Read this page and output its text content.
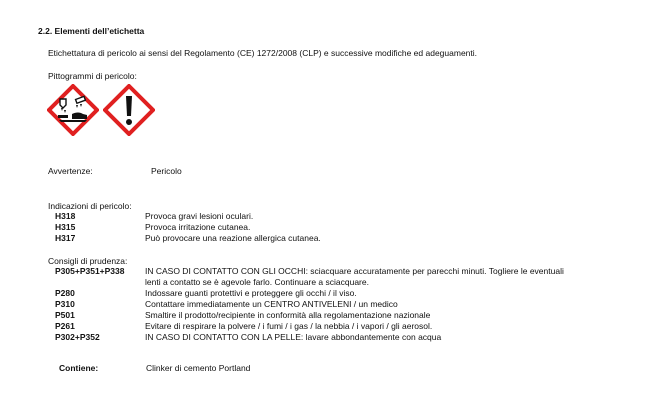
2.2. Elementi dell’etichetta
Etichettatura di pericolo ai sensi del Regolamento (CE) 1272/2008 (CLP) e successive modifiche ed adeguamenti.
Pittogrammi di pericolo:

Avvertenze:	Pericolo
Indicazioni di pericolo:
H318	Provoca gravi lesioni oculari.
H315	Provoca irritazione cutanea.
H317	Può provocare una reazione allergica cutanea.
Consigli di prudenza:
P305+P351+P338 IN CASO DI CONTATTO CON GLI OCCHI: sciacquare accuratamente per parecchi minuti. Togliere le eventuali
lenti a contatto se è agevole farlo. Continuare a sciacquare.
P280	Indossare guanti protettivi e proteggere gli occhi / il viso.
P310	Contattare immediatamente un CENTRO ANTIVELENI / un medico
P501	Smaltire il prodotto/recipiente in conformità alla regolamentazione nazionale
P261	Evitare di respirare la polvere / i fumi / i gas / la nebbia / i vapori / gli aerosol.
P302+P352	IN CASO DI CONTATTO CON LA PELLE: lavare abbondantemente con acqua
Contiene:	Clinker di cemento Portland
